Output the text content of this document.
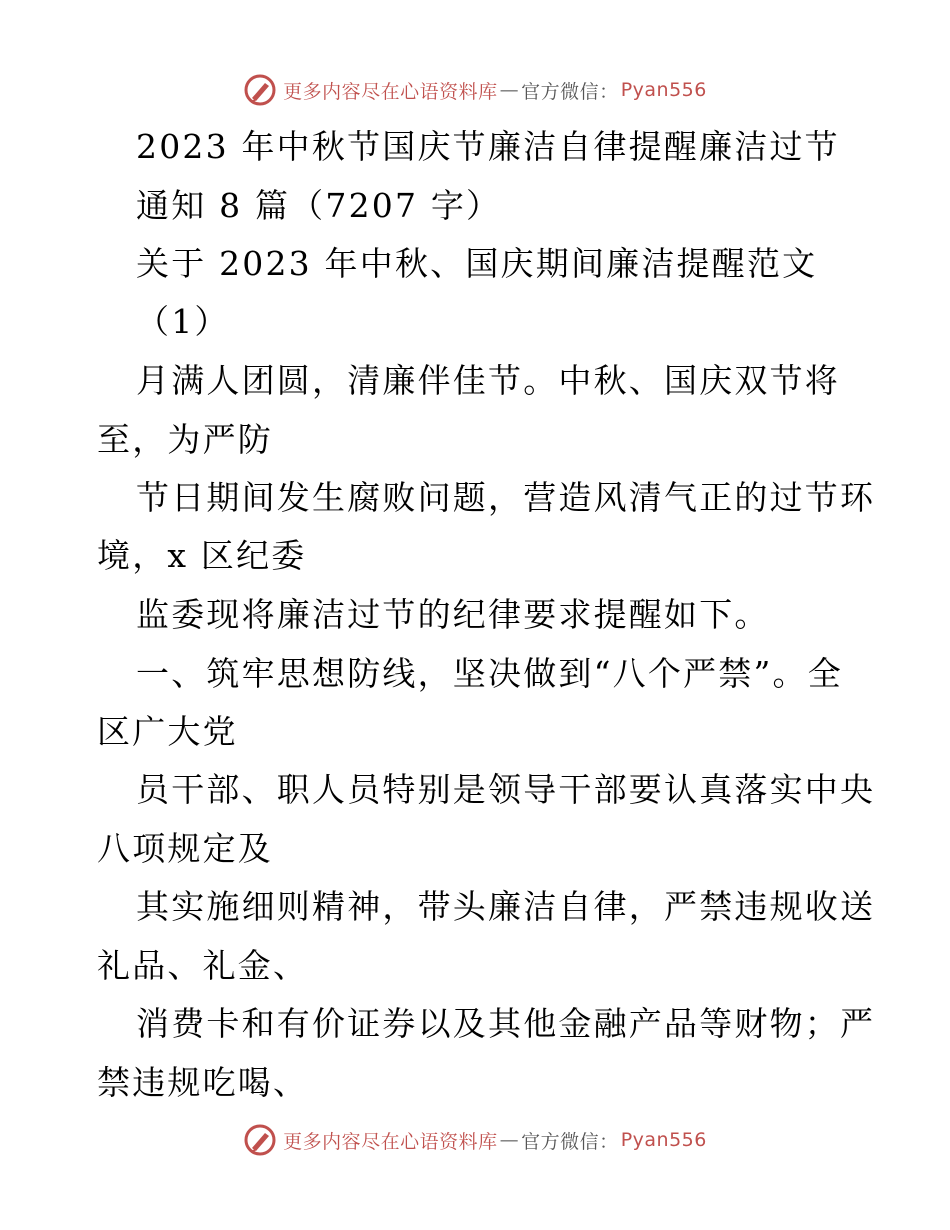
更多内容尽在心语资料库 — 官方微信： Pyan556
2023 年中秋节国庆节廉洁自律提醒廉洁过节
通知 8 篇（7207 字）
关于 2023 年中秋、国庆期间廉洁提醒范文
（1）
月满人团圆，清廉伴佳节。中秋、国庆双节将
至，为严防
节日期间发生腐败问题，营造风清气正的过节环
境，x 区纪委
监委现将廉洁过节的纪律要求提醒如下。
一、筑牢思想防线，坚决做到“八个严禁”。全
区广大党
员干部、职人员特别是领导干部要认真落实中央
八项规定及
其实施细则精神，带头廉洁自律，严禁违规收送
礼品、礼金、
消费卡和有价证券以及其他金融产品等财物；严
禁违规吃喝、
更多内容尽在心语资料库 — 官方微信： Pyan556
